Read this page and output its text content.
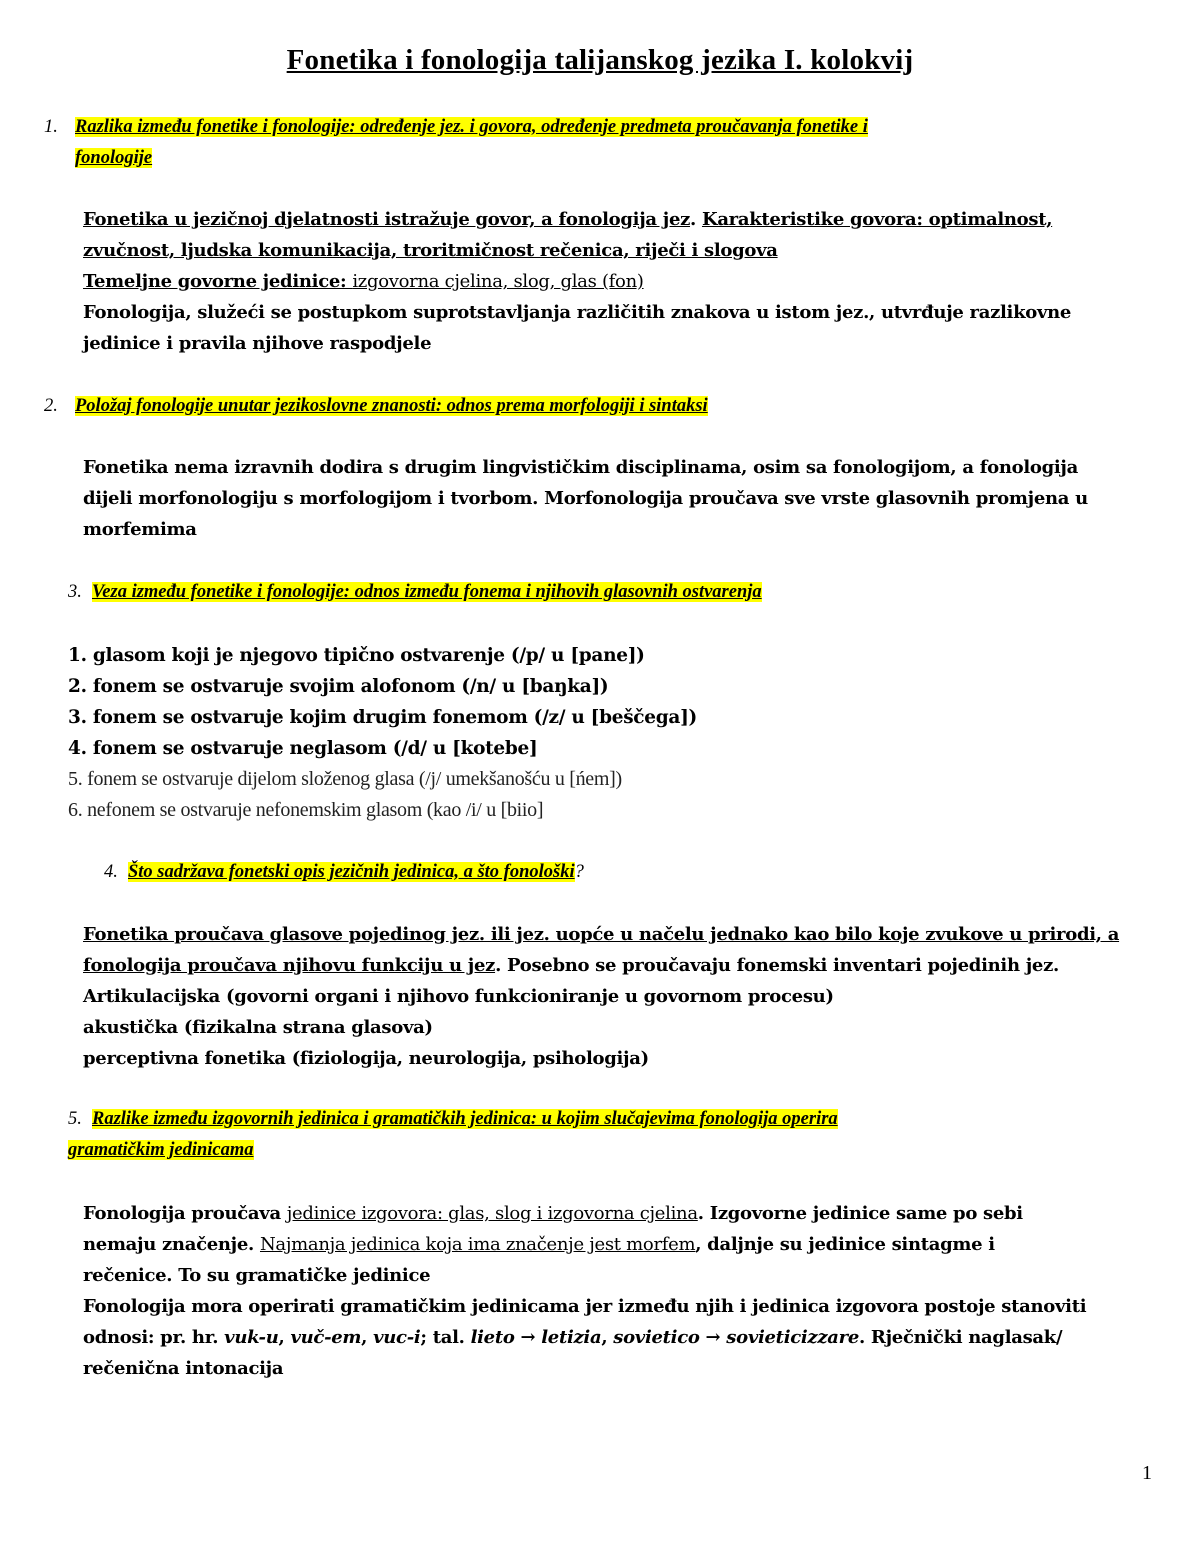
Fonetika i fonologija talijanskog jezika I. kolokvij
1. Razlika između fonetike i fonologije: određenje jez. i govora, određenje predmeta proučavanja fonetike i
fonologije
Fonetika u jezičnoj djelatnosti istražuje govor, a fonologija jez. Karakteristike govora: optimalnost,
zvučnost, ljudska komunikacija, troritmičnost rečenica, riječi i slogova
Temeljne govorne jedinice: izgovorna cjelina, slog, glas (fon)
Fonologija, služeći se postupkom suprotstavljanja različitih znakova u istom jez., utvrđuje razlikovne
jedinice i pravila njihove raspodjele
2. Položaj fonologije unutar jezikoslovne znanosti: odnos prema morfologiji i sintaksi
Fonetika nema izravnih dodira s drugim lingvističkim disciplinama, osim sa fonologijom, a fonologija
dijeli morfonologiju s morfologijom i tvorbom. Morfonologija proučava sve vrste glasovnih promjena u
morfemima
3. Veza između fonetike i fonologije: odnos između fonema i njihovih glasovnih ostvarenja
1. glasom koji je njegovo tipično ostvarenje (/p/ u [pane])
2. fonem se ostvaruje svojim alofonom (/n/ u [baŋka])
3. fonem se ostvaruje kojim drugim fonemom (/z/ u [beščega])
4. fonem se ostvaruje neglasom (/d/ u [kotebe]
5. fonem se ostvaruje dijelom složenog glasa (/j/ umekšanošću u [ńem])
6. nefonem se ostvaruje nefonemskim glasom (kao /i/ u [biio]
4. Što sadržava fonetski opis jezičnih jedinica, a što fonološki?
Fonetika proučava glasove pojedinog jez. ili jez. uopće u načelu jednako kao bilo koje zvukove u prirodi, a
fonologija proučava njihovu funkciju u jez. Posebno se proučavaju fonemski inventari pojedinih jez.
Artikulacijska (govorni organi i njihovo funkcioniranje u govornom procesu)
akustička (fizikalna strana glasova)
perceptivna fonetika (fiziologija, neurologija, psihologija)
5. Razlike između izgovornih jedinica i gramatičkih jedinica: u kojim slučajevima fonologija operira
gramatičkim jedinicama
Fonologija proučava jedinice izgovora: glas, slog i izgovorna cjelina. Izgovorne jedinice same po sebi
nemaju značenje. Najmanja jedinica koja ima značenje jest morfem, daljnje su jedinice sintagme i
rečenice. To su gramatičke jedinice
Fonologija mora operirati gramatičkim jedinicama jer između njih i jedinica izgovora postoje stanoviti
odnosi: pr. hr. vuk-u, vuč-em, vuc-i; tal. lieto → letizia, sovietico → sovieticizzare. Rječnički naglasak/
rečenična intonacija
1
